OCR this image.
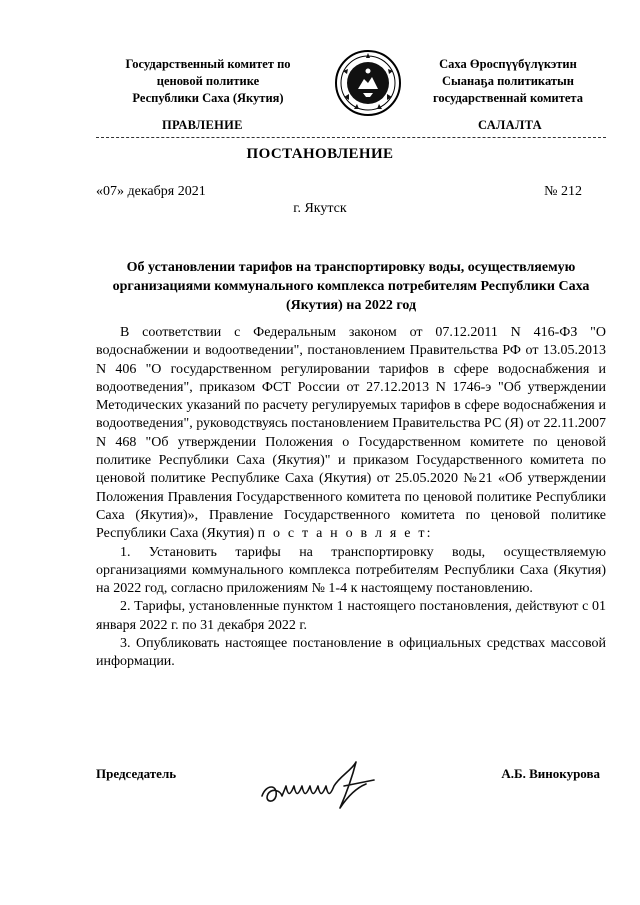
Государственный комитет по
ценовой политике
Республики Саха (Якутия)
Саха Өроспүүбүлүкэтин
Сыанаҕа политикатын
государственнай комитета
ПРАВЛЕНИЕ	САЛАЛТА
ПОСТАНОВЛЕНИЕ
«07» декабря 2021	№ 212
г. Якутск
Об установлении тарифов на транспортировку воды, осуществляемую организациями коммунального комплекса потребителям Республики Саха (Якутия) на 2022 год

В соответствии с Федеральным законом от 07.12.2011 N 416-ФЗ "О водоснабжении и водоотведении", постановлением Правительства РФ от 13.05.2013 N 406 "О государственном регулировании тарифов в сфере водоснабжения и водоотведения", приказом ФСТ России от 27.12.2013 N 1746-э "Об утверждении Методических указаний по расчету регулируемых тарифов в сфере водоснабжения и водоотведения", руководствуясь постановлением Правительства РС (Я) от 22.11.2007 N 468 "Об утверждении Положения о Государственном комитете по ценовой политике Республики Саха (Якутия)" и приказом Государственного комитета по ценовой политике Республике Саха (Якутия) от 25.05.2020 №21 «Об утверждении Положения Правления Государственного комитета по ценовой политике Республики Саха (Якутия)», Правление Государственного комитета по ценовой политике Республики Саха (Якутия) п о с т а н о в л я е т:

1. Установить тарифы на транспортировку воды, осуществляемую организациями коммунального комплекса потребителям Республики Саха (Якутия) на 2022 год, согласно приложениям № 1-4 к настоящему постановлению.

2. Тарифы, установленные пунктом 1 настоящего постановления, действуют с 01 января 2022 г. по 31 декабря 2022 г.

3. Опубликовать настоящее постановление в официальных средствах массовой информации.

Председатель	А.Б. Винокурова
